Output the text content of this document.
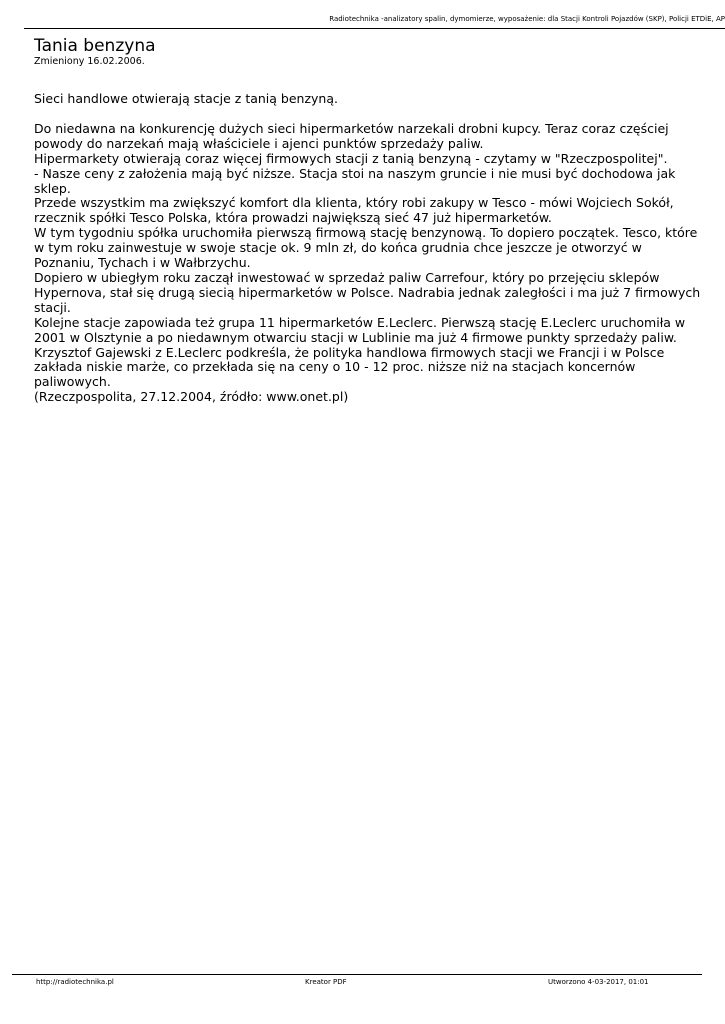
Radiotechnika -analizatory spalin, dymomierze, wyposażenie: dla Stacji Kontroli Pojazdów (SKP), Policji ETDiE, AP
Tania benzyna
Zmieniony 16.02.2006.

Sieci handlowe otwierają stacje z tanią benzyną.

Do niedawna na konkurencję dużych sieci hipermarketów narzekali drobni kupcy. Teraz coraz częściej powody do narzekań mają właściciele i ajenci punktów sprzedaży paliw.

Hipermarkety otwierają coraz więcej firmowych stacji z tanią benzyną - czytamy w "Rzeczpospolitej".

- Nasze ceny z założenia mają być niższe. Stacja stoi na naszym gruncie i nie musi być dochodowa jak sklep.

Przede wszystkim ma zwiększyć komfort dla klienta, który robi zakupy w Tesco - mówi Wojciech Sokół, rzecznik spółki Tesco Polska, która prowadzi największą sieć 47 już hipermarketów.

W tym tygodniu spółka uruchomiła pierwszą firmową stację benzynową. To dopiero początek. Tesco, które w tym roku zainwestuje w swoje stacje ok. 9 mln zł, do końca grudnia chce jeszcze je otworzyć w Poznaniu, Tychach i w Wałbrzychu.

Dopiero w ubiegłym roku zaczął inwestować w sprzedaż paliw Carrefour, który po przejęciu sklepów Hypernova, stał się drugą siecią hipermarketów w Polsce. Nadrabia jednak zaległości i ma już 7 firmowych stacji.

Kolejne stacje zapowiada też grupa 11 hipermarketów E.Leclerc. Pierwszą stację E.Leclerc uruchomiła w 2001 w Olsztynie a po niedawnym otwarciu stacji w Lublinie ma już 4 firmowe punkty sprzedaży paliw.

Krzysztof Gajewski z E.Leclerc podkreśla, że polityka handlowa firmowych stacji we Francji i w Polsce zakłada niskie marże, co przekłada się na ceny o 10 - 12 proc. niższe niż na stacjach koncernów paliwowych.

(Rzeczpospolita, 27.12.2004, źródło: www.onet.pl)

http://radiotechnika.pl	Kreator PDF	Utworzono 4-03-2017, 01:01
